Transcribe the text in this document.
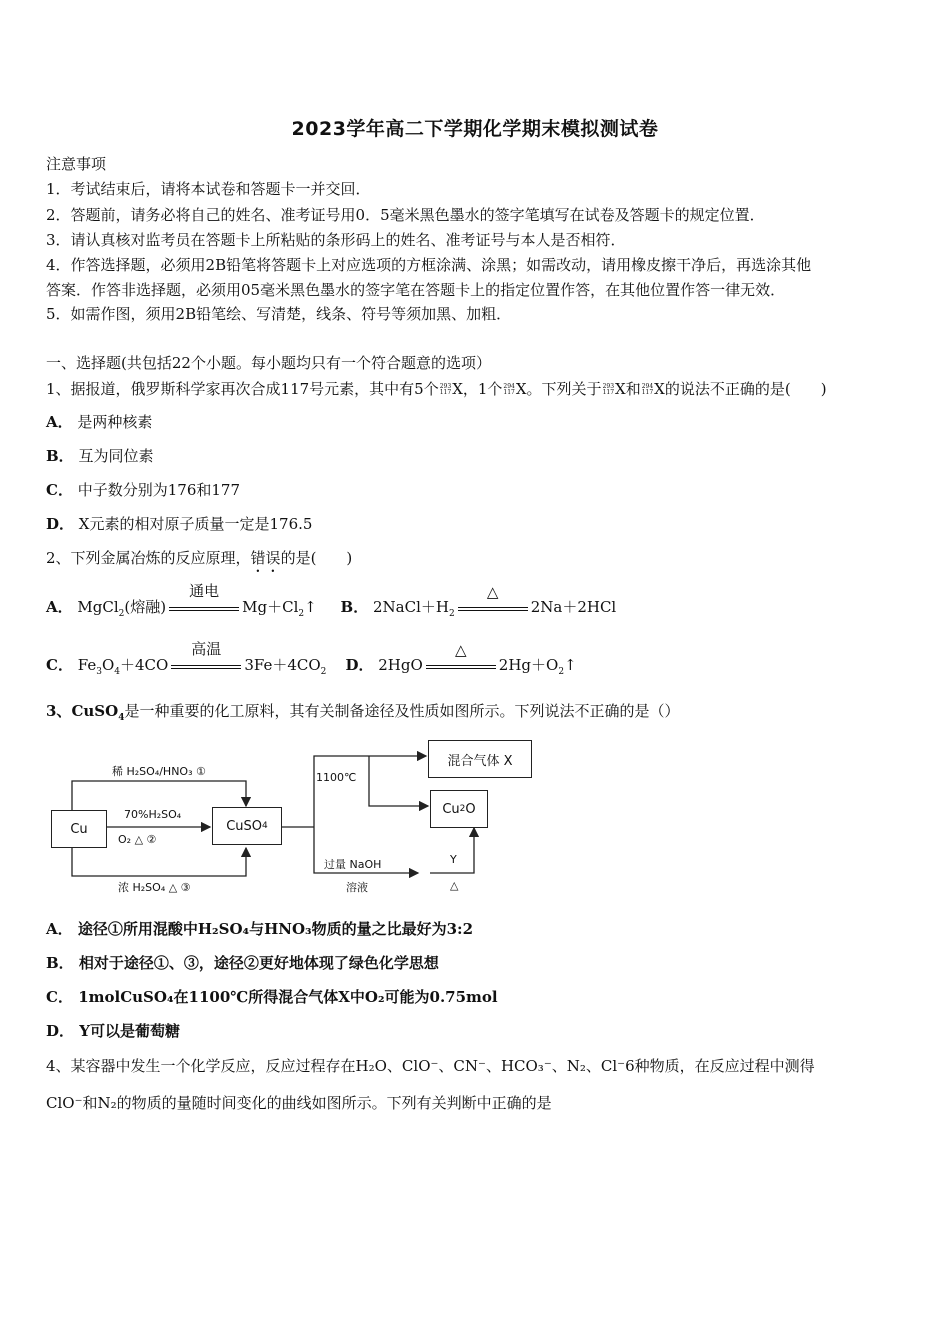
2023学年高二下学期化学期末模拟测试卷
注意事项
1．考试结束后，请将本试卷和答题卡一并交回．
2．答题前，请务必将自己的姓名、准考证号用0．5毫米黑色墨水的签字笔填写在试卷及答题卡的规定位置．
3．请认真核对监考员在答题卡上所粘贴的条形码上的姓名、准考证号与本人是否相符．
4．作答选择题，必须用2B铅笔将答题卡上对应选项的方框涂满、涂黑；如需改动，请用橡皮擦干净后，再选涂其他
答案．作答非选择题，必须用05毫米黑色墨水的签字笔在答题卡上的指定位置作答，在其他位置作答一律无效．
5．如需作图，须用2B铅笔绘、写清楚，线条、符号等须加黑、加粗．
一、选择题(共包括22个小题。每小题均只有一个符合题意的选项）
1、据报道，俄罗斯科学家再次合成117号元素，其中有5个 293
117 X，1个 294
117 X。下列关于 293
117 X和 294
117 X的说法不正确的是(　　)
A． 是两种核素
B． 互为同位素
C． 中子数分别为176和177
D． X元素的相对原子质量一定是176.5
2、下列金属冶炼的反应原理，错误的是(　　)
A． MgCl$_2$(熔融)
通电
$Mg+Cl_2↑$ B． $2NaCl+H_2$
△
2Na＋2HCl
C． $Fe_3O_4+4CO$
高温
$3Fe+4CO_2$ D． 2HgO
△
$2Hg+O_2↑$
3、CuSO$_4$是一种重要的化工原料，其有关制备途径及性质如图所示。下列说法不正确的是（）
Cu	CuSO 4
混合气体 X
Cu 2 O
稀 H₂SO₄/HNO₃ ①
70%H₂SO₄
O₂ △ ②
浓 H₂SO₄ △ ③
1100℃
过量 NaOH
溶液
Y
△
A． 途径①所用混酸中H₂SO₄与HNO₃物质的量之比最好为3:2
B． 相对于途径①、③，途径②更好地体现了绿色化学思想
C． 1molCuSO₄在1100℃所得混合气体X中O₂可能为0.75mol
D． Y可以是葡萄糖
4、某容器中发生一个化学反应，反应过程存在H₂O、ClO⁻、CN⁻、HCO₃⁻、N₂、Cl⁻6种物质，在反应过程中测得
ClO⁻和N₂的物质的量随时间变化的曲线如图所示。下列有关判断中正确的是
